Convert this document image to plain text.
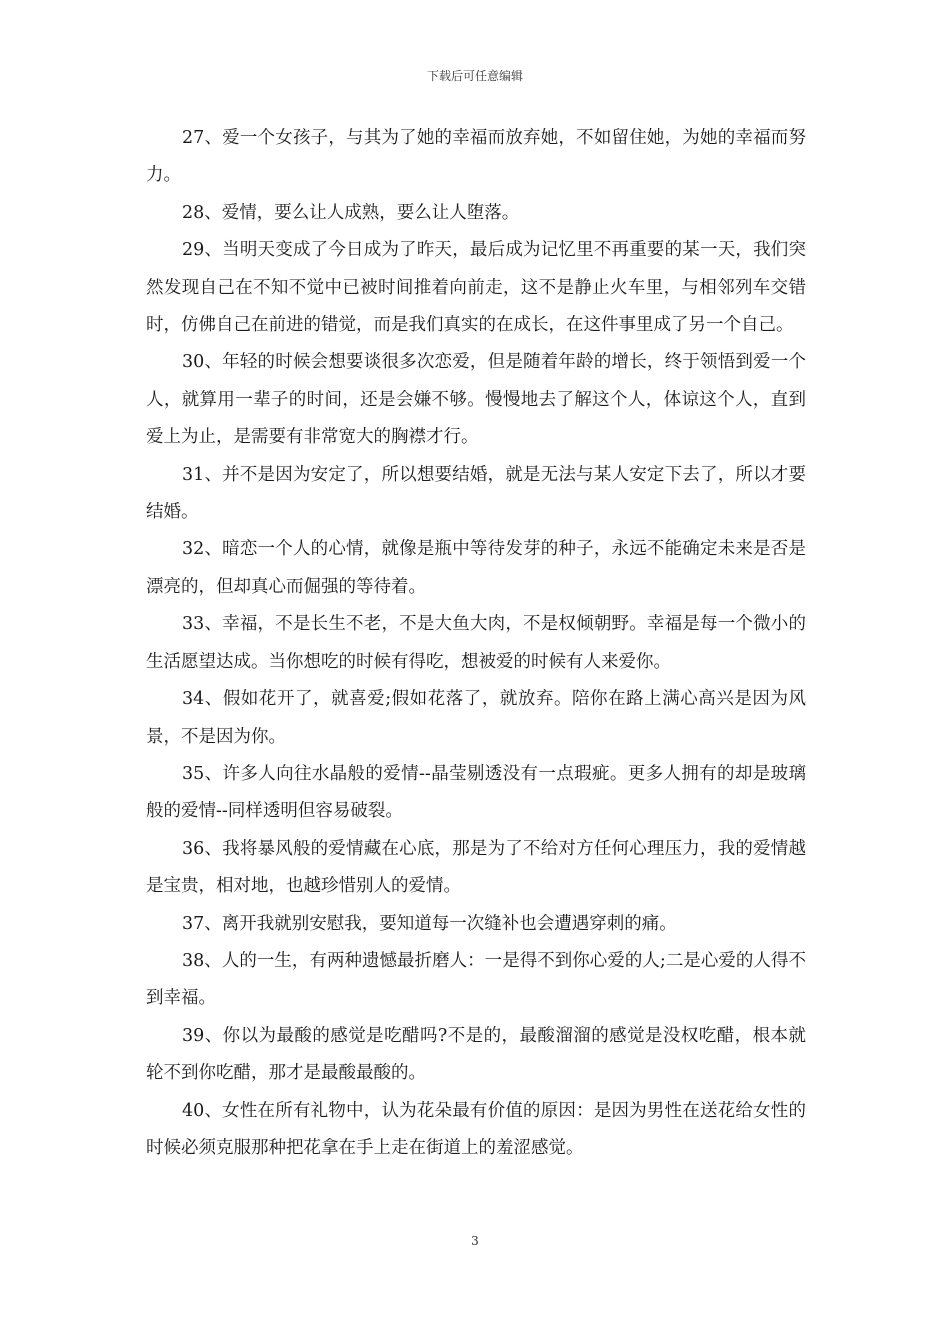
下载后可任意编辑

27、爱一个女孩子，与其为了她的幸福而放弃她，不如留住她，为她的幸福而努力。

28、爱情，要么让人成熟，要么让人堕落。

29、当明天变成了今日成为了昨天，最后成为记忆里不再重要的某一天，我们突然发现自己在不知不觉中已被时间推着向前走，这不是静止火车里，与相邻列车交错时，仿佛自己在前进的错觉，而是我们真实的在成长，在这件事里成了另一个自己。

30、年轻的时候会想要谈很多次恋爱，但是随着年龄的增长，终于领悟到爱一个人，就算用一辈子的时间，还是会嫌不够。慢慢地去了解这个人，体谅这个人，直到爱上为止，是需要有非常宽大的胸襟才行。

31、并不是因为安定了，所以想要结婚，就是无法与某人安定下去了，所以才要结婚。

32、暗恋一个人的心情，就像是瓶中等待发芽的种子，永远不能确定未来是否是漂亮的，但却真心而倔强的等待着。

33、幸福，不是长生不老，不是大鱼大肉，不是权倾朝野。幸福是每一个微小的生活愿望达成。当你想吃的时候有得吃，想被爱的时候有人来爱你。

34、假如花开了，就喜爱;假如花落了，就放弃。陪你在路上满心高兴是因为风景，不是因为你。

35、许多人向往水晶般的爱情--晶莹剔透没有一点瑕疵。更多人拥有的却是玻璃般的爱情--同样透明但容易破裂。

36、我将暴风般的爱情藏在心底，那是为了不给对方任何心理压力，我的爱情越是宝贵，相对地，也越珍惜别人的爱情。

37、离开我就别安慰我，要知道每一次缝补也会遭遇穿刺的痛。

38、人的一生，有两种遗憾最折磨人：一是得不到你心爱的人;二是心爱的人得不到幸福。

39、你以为最酸的感觉是吃醋吗?不是的，最酸溜溜的感觉是没权吃醋，根本就轮不到你吃醋，那才是最酸最酸的。

40、女性在所有礼物中，认为花朵最有价值的原因：是因为男性在送花给女性的时候必须克服那种把花拿在手上走在街道上的羞涩感觉。

3
